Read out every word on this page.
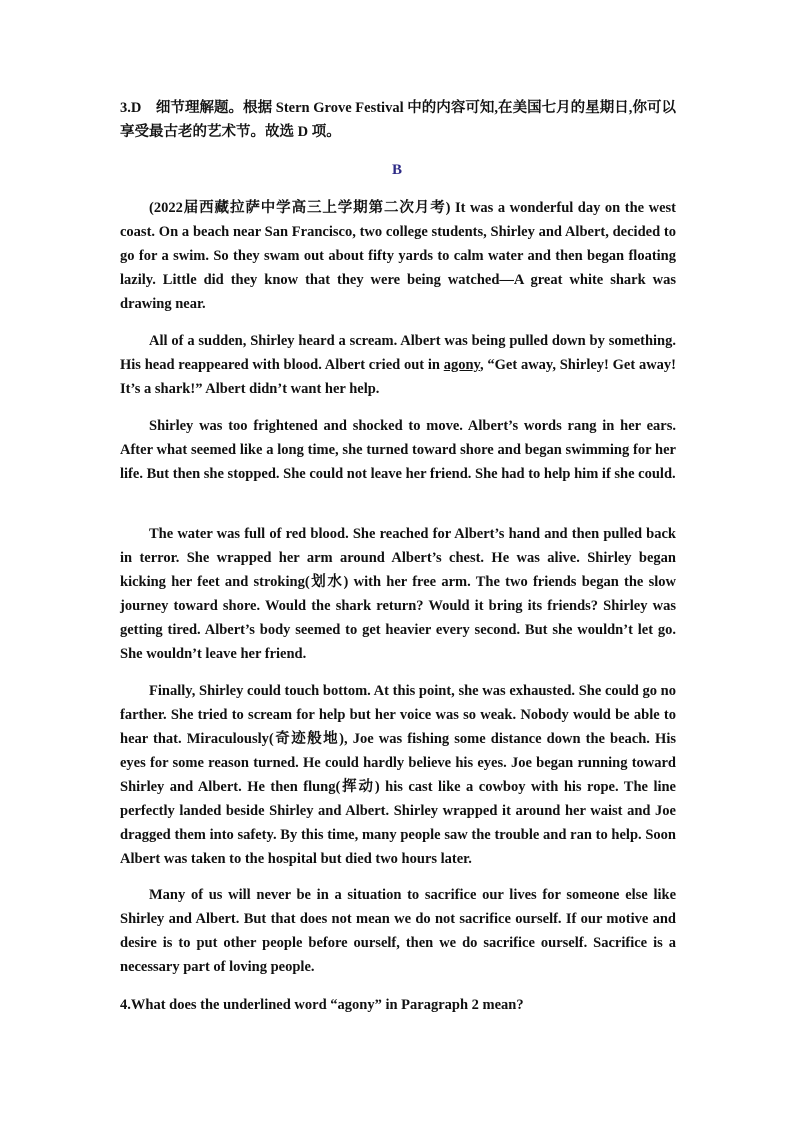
3.D　细节理解题。根据 Stern Grove Festival 中的内容可知,在美国七月的星期日,你可以享受最古老的艺术节。故选 D 项。

B

(2022届西藏拉萨中学高三上学期第二次月考) It was a wonderful day on the west coast. On a beach near San Francisco, two college students, Shirley and Albert, decided to go for a swim. So they swam out about fifty yards to calm water and then began floating lazily. Little did they know that they were being watched—A great white shark was drawing near.

All of a sudden, Shirley heard a scream. Albert was being pulled down by something. His head reappeared with blood. Albert cried out in agony, “Get away, Shirley! Get away! It’s a shark!” Albert didn’t want her help.

Shirley was too frightened and shocked to move. Albert’s words rang in her ears. After what seemed like a long time, she turned toward shore and began swimming for her life. But then she stopped. She could not leave her friend. She had to help him if she could.

The water was full of red blood. She reached for Albert’s hand and then pulled back in terror. She wrapped her arm around Albert’s chest. He was alive. Shirley began kicking her feet and stroking(划水) with her free arm. The two friends began the slow journey toward shore. Would the shark return? Would it bring its friends? Shirley was getting tired. Albert’s body seemed to get heavier every second. But she wouldn’t let go. She wouldn’t leave her friend.

Finally, Shirley could touch bottom. At this point, she was exhausted. She could go no farther. She tried to scream for help but her voice was so weak. Nobody would be able to hear that. Miraculously(奇迹般地), Joe was fishing some distance down the beach. His eyes for some reason turned. He could hardly believe his eyes. Joe began running toward Shirley and Albert. He then flung(挥动) his cast like a cowboy with his rope. The line perfectly landed beside Shirley and Albert. Shirley wrapped it around her waist and Joe dragged them into safety. By this time, many people saw the trouble and ran to help. Soon Albert was taken to the hospital but died two hours later.

Many of us will never be in a situation to sacrifice our lives for someone else like Shirley and Albert. But that does not mean we do not sacrifice ourself. If our motive and desire is to put other people before ourself, then we do sacrifice ourself. Sacrifice is a necessary part of loving people.

4.What does the underlined word “agony” in Paragraph 2 mean?
